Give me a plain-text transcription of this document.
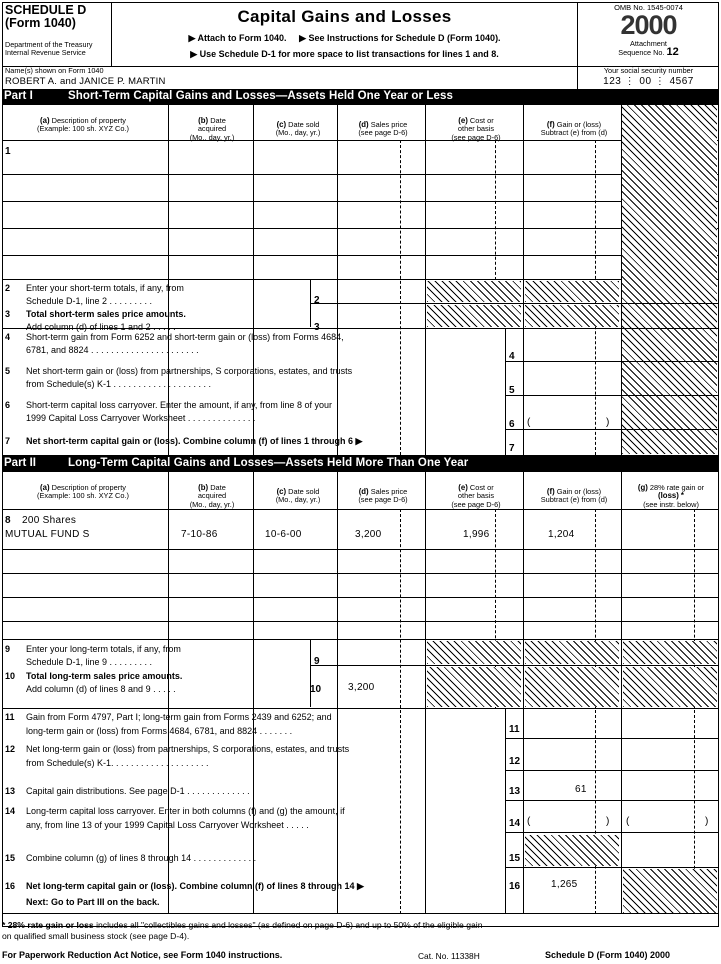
SCHEDULE D
(Form 1040)
Department of the Treasury
Internal Revenue Service
Capital Gains and Losses
▶ Attach to Form 1040. ▶ See Instructions for Schedule D (Form 1040).
▶ Use Schedule D-1 for more space to list transactions for lines 1 and 8.
OMB No. 1545-0074
2000
Attachment
Sequence No. 12
Name(s) shown on Form 1040
ROBERT A. and JANICE P. MARTIN
Your social security number
123 ⋮ 00 ⋮ 4567
Part I	Short-Term Capital Gains and Losses—Assets Held One Year or Less
(a) Description of property
(Example: 100 sh. XYZ Co.)
(b) Date
acquired
(Mo., day, yr.)
(c) Date sold
(Mo., day, yr.)
(d) Sales price
(see page D-6)
(e) Cost or
other basis
(see page D-6)
(f) Gain or (loss)
Subtract (e) from (d)
1
2 Enter your short-term totals, if any, from
Schedule D-1, line 2 . . . . . . . . .	2
3 Total short-term sales price amounts.
Add column (d) of lines 1 and 2 . . . . .	3
4 Short-term gain from Form 6252 and short-term gain or (loss) from Forms 4684,
6781, and 8824 . . . . . . . . . . . . . . . . . . . . . .
4
5 Net short-term gain or (loss) from partnerships, S corporations, estates, and trusts
from Schedule(s) K-1 . . . . . . . . . . . . . . . . . . . .
5
6 Short-term capital loss carryover. Enter the amount, if any, from line 8 of your
1999 Capital Loss Carryover Worksheet . . . . . . . . . . . . . .
6 (	)
7 Net short-term capital gain or (loss). Combine column (f) of lines 1 through 6 ▶
7
Part II	Long-Term Capital Gains and Losses—Assets Held More Than One Year
(a) Description of property
(Example: 100 sh. XYZ Co.)
(b) Date
acquired
(Mo., day, yr.)
(c) Date sold
(Mo., day, yr.)
(d) Sales price
(see page D-6)
(e) Cost or
other basis
(see page D-6)
(f) Gain or (loss)
Subtract (e) from (d)
(g) 28% rate gain or
(loss) *
(see instr. below)
8 200 Shares
MUTUAL FUND S	7-10-86	10-6-00	3,200	1,996	1,204
9 Enter your long-term totals, if any, from
Schedule D-1, line 9 . . . . . . . . .	9
10 Total long-term sales price amounts.
Add column (d) of lines 8 and 9 . . . . .	10	3,200
11 Gain from Form 4797, Part I; long-term gain from Forms 2439 and 6252; and
long-term gain or (loss) from Forms 4684, 6781, and 8824 . . . . . . .	11
12 Net long-term gain or (loss) from partnerships, S corporations, estates, and trusts
from Schedule(s) K-1. . . . . . . . . . . . . . . . . . . .	12
13 Capital gain distributions. See page D-1 . . . . . . . . . . . . .	13	61
14 Long-term capital loss carryover. Enter in both columns (f) and (g) the amount, if
any, from line 13 of your 1999 Capital Loss Carryover Worksheet . . . . .	14 (	) (	)
15 Combine column (g) of lines 8 through 14 . . . . . . . . . . . . .	15
16 Net long-term capital gain or (loss). Combine column (f) of lines 8 through 14 ▶	16	1,265
Next: Go to Part III on the back.
* 28% rate gain or loss includes all "collectibles gains and losses" (as defined on page D-6) and up to 50% of the eligible gain
on qualified small business stock (see page D-4).
For Paperwork Reduction Act Notice, see Form 1040 instructions.	Cat. No. 11338H	Schedule D (Form 1040) 2000
